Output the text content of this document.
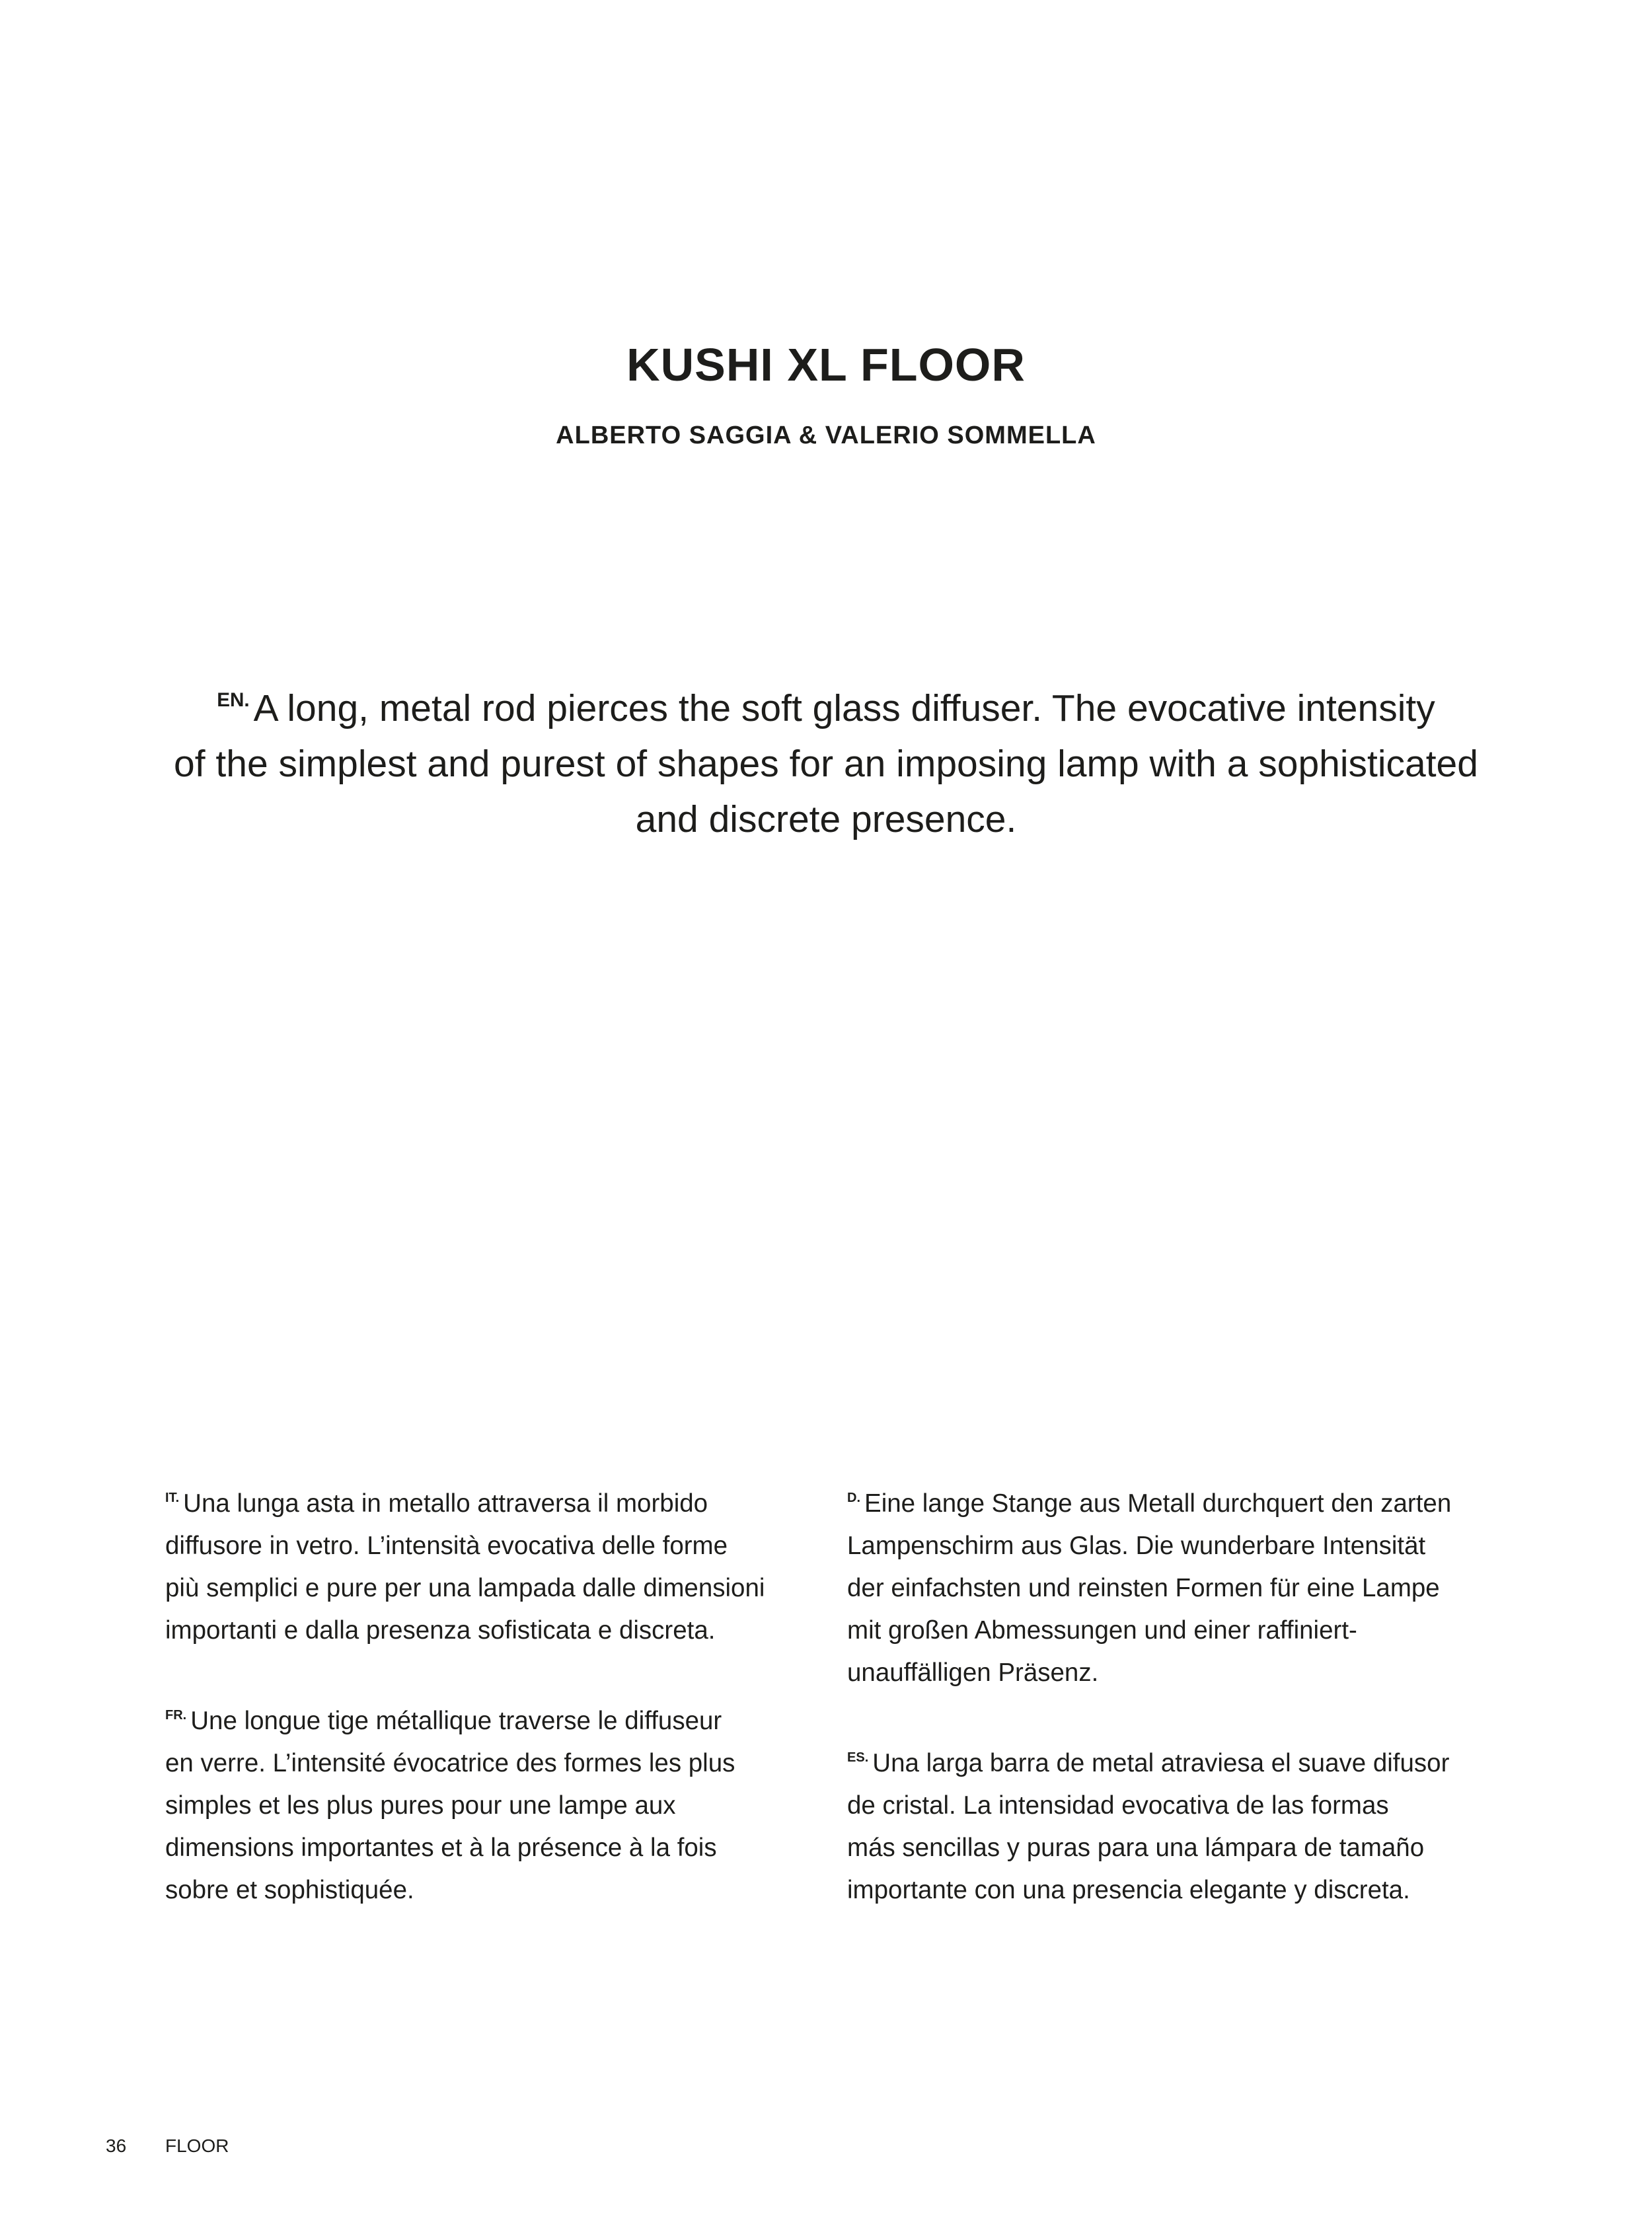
KUSHI XL FLOOR
ALBERTO SAGGIA & VALERIO SOMMELLA
$^{EN.}$ A long, metal rod pierces the soft glass diffuser. The evocative intensity
of the simplest and purest of shapes for an imposing lamp with a sophisticated
and discrete presence.
$^{IT.}$ Una lunga asta in metallo attraversa il morbido
diffusore in vetro. L’intensità evocativa delle forme
più semplici e pure per una lampada dalle dimensioni
importanti e dalla presenza sofisticata e discreta.
$^{FR.}$ Une longue tige métallique traverse le diffuseur
en verre. L’intensité évocatrice des formes les plus
simples et les plus pures pour une lampe aux
dimensions importantes et à la présence à la fois
sobre et sophistiquée.
$^{D.}$ Eine lange Stange aus Metall durchquert den zarten
Lampenschirm aus Glas. Die wunderbare Intensität
der einfachsten und reinsten Formen für eine Lampe
mit großen Abmessungen und einer raffiniert-
unauffälligen Präsenz.
$^{ES.}$ Una larga barra de metal atraviesa el suave difusor
de cristal. La intensidad evocativa de las formas
más sencillas y puras para una lámpara de tamaño
importante con una presencia elegante y discreta.
36 FLOOR
